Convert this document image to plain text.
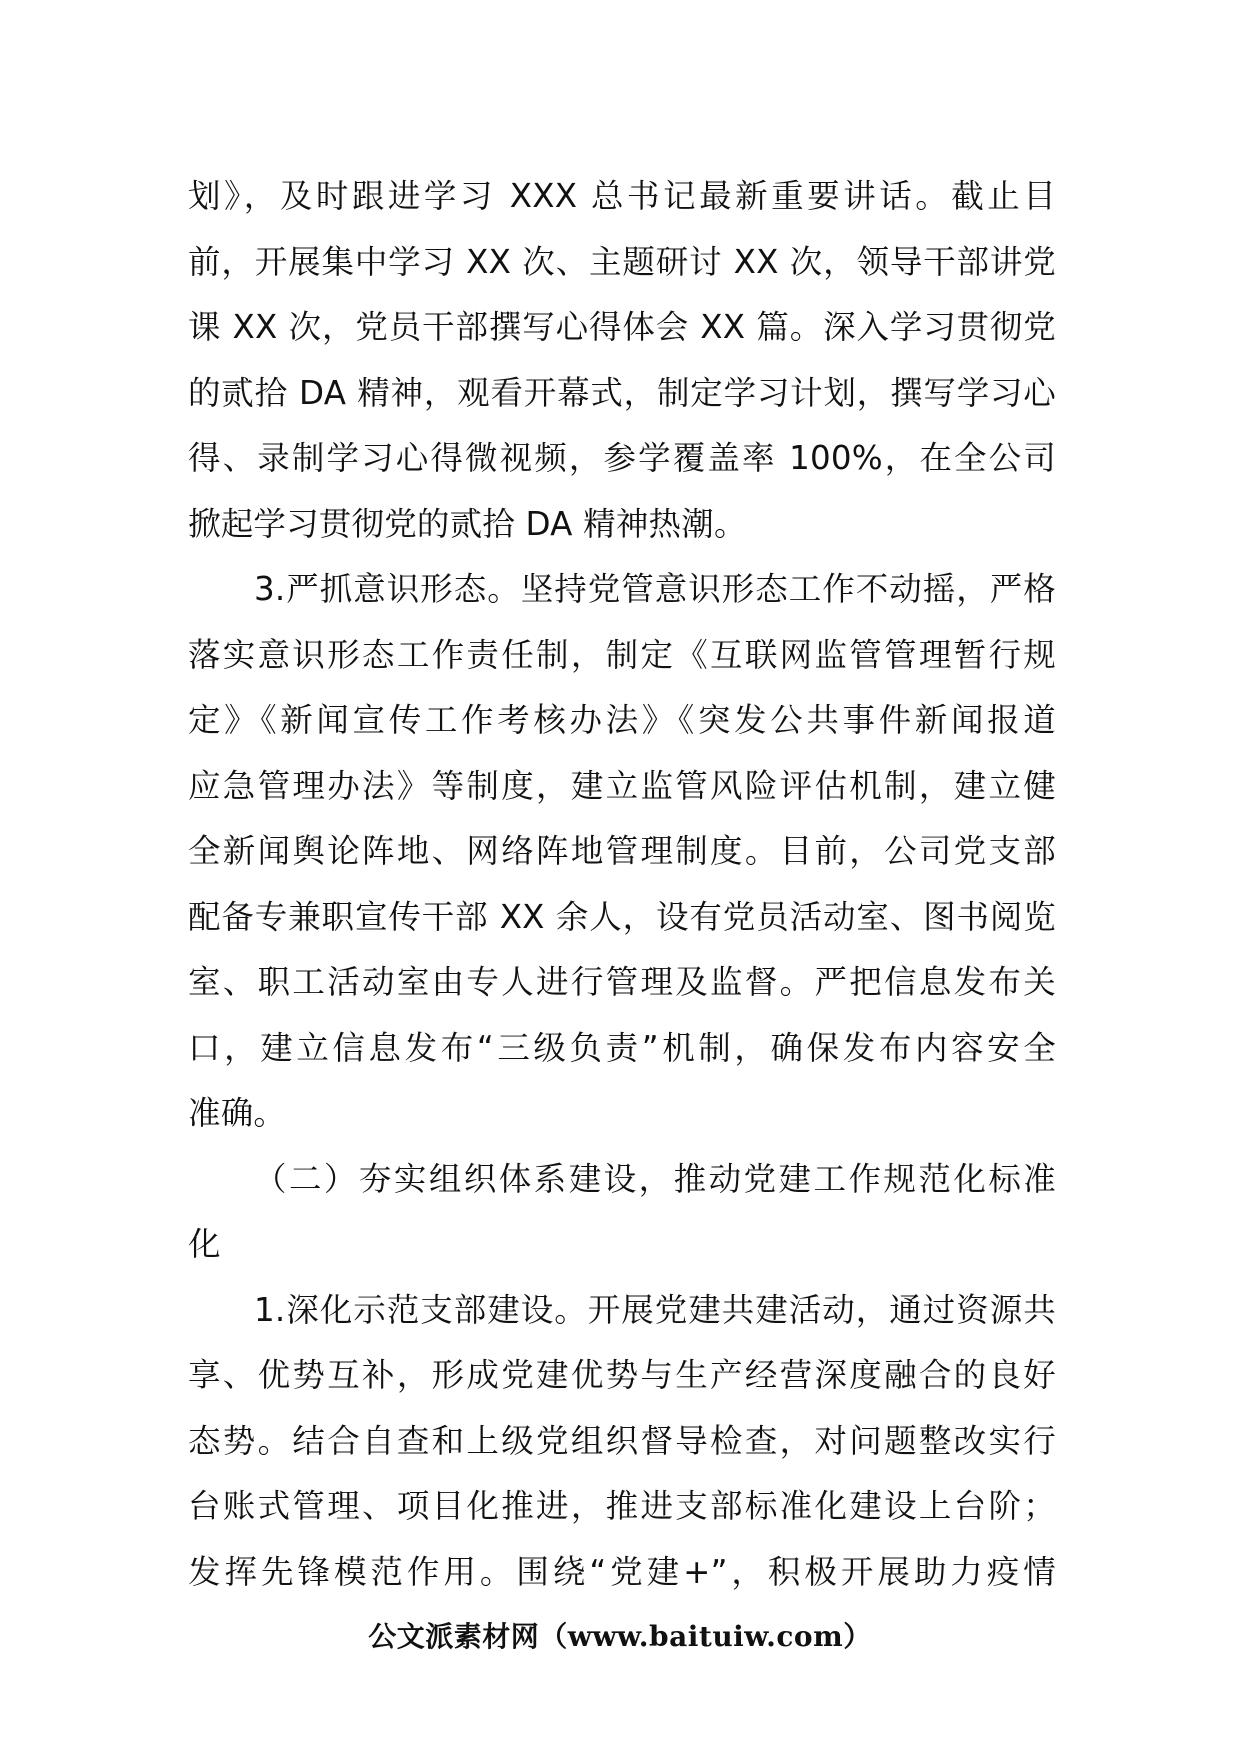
划》，及时跟进学习 XXX 总书记最新重要讲话。截止目
前，开展集中学习 XX 次、主题研讨 XX 次，领导干部讲党
课 XX 次，党员干部撰写心得体会 XX 篇。深入学习贯彻党
的贰拾 DA 精神，观看开幕式，制定学习计划，撰写学习心
得、录制学习心得微视频，参学覆盖率 100%，在全公司
掀起学习贯彻党的贰拾 DA 精神热潮。
3.严抓意识形态。坚持党管意识形态工作不动摇，严格
落实意识形态工作责任制，制定《互联网监管管理暂行规
定》《新闻宣传工作考核办法》《突发公共事件新闻报道
应急管理办法》等制度，建立监管风险评估机制，建立健
全新闻舆论阵地、网络阵地管理制度。目前，公司党支部
配备专兼职宣传干部 XX 余人，设有党员活动室、图书阅览
室、职工活动室由专人进行管理及监督。严把信息发布关
口，建立信息发布“三级负责”机制，确保发布内容安全
准确。
（二）夯实组织体系建设，推动党建工作规范化标准
化
1.深化示范支部建设。开展党建共建活动，通过资源共
享、优势互补，形成党建优势与生产经营深度融合的良好
态势。结合自查和上级党组织督导检查，对问题整改实行
台账式管理、项目化推进，推进支部标准化建设上台阶；
发挥先锋模范作用。围绕“党建+”，积极开展助力疫情
公文派素材网（www.baituiw.com）
